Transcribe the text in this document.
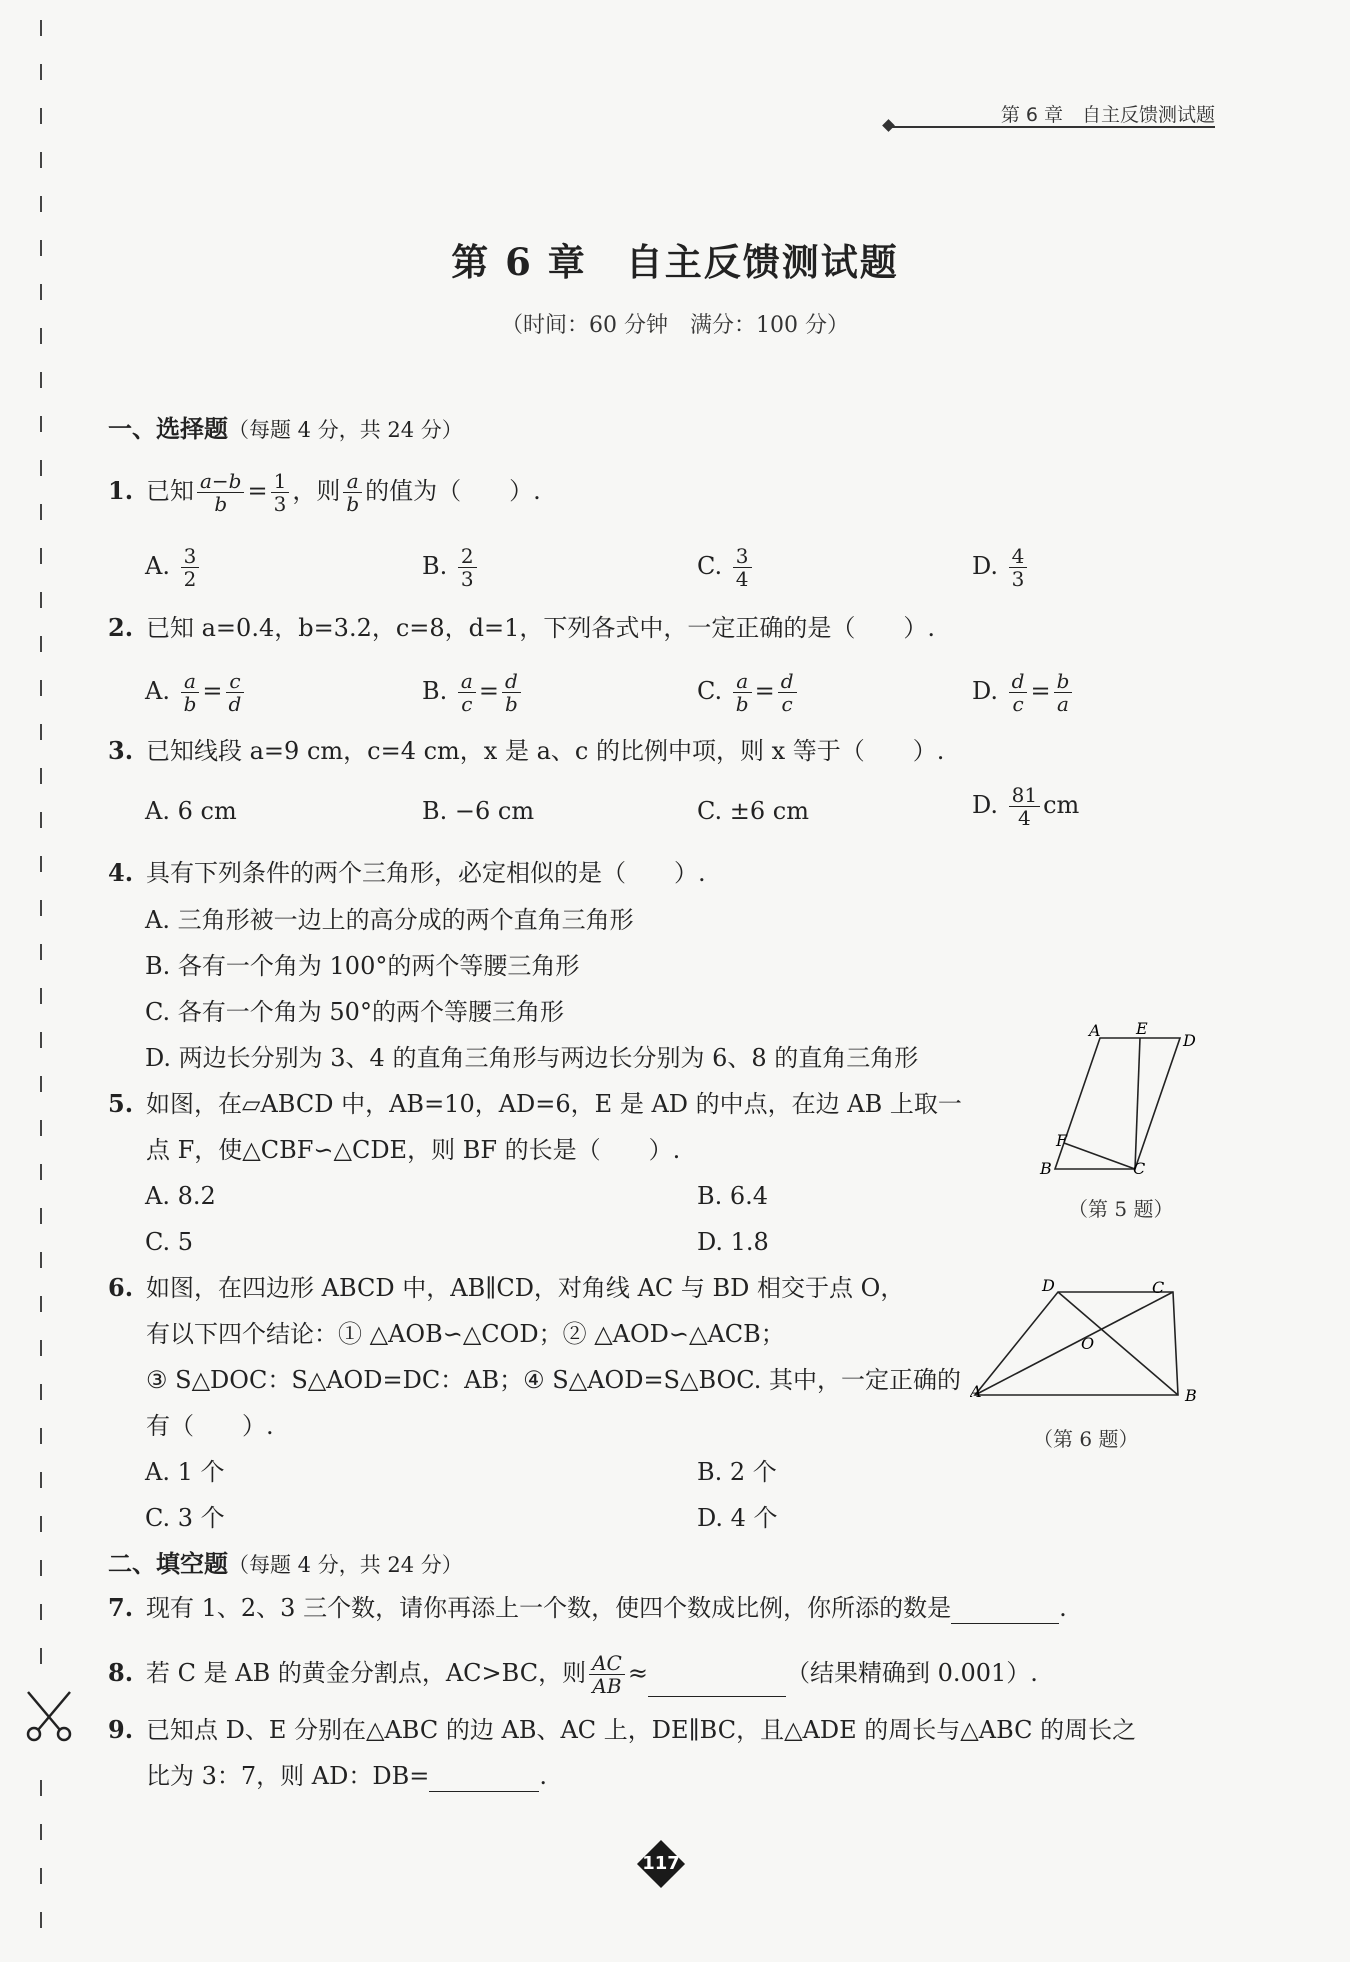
第 6 章　自主反馈测试题
第 6 章　自主反馈测试题
（时间：60 分钟　满分：100 分）
一、选择题（每题 4 分，共 24 分）
1. 已知 $\frac{a-b}{b} = \frac{1}{3}$ ，则 $\frac{a}{b}$ 的值为（　　）.
A. $\frac{3}{2}$	B. $\frac{2}{3}$	C. $\frac{3}{4}$	D. $\frac{4}{3}$
2. 已知 a=0.4，b=3.2，c=8，d=1，下列各式中，一定正确的是（　　）.
A. $\frac{a}{b} = \frac{c}{d}$	B. $\frac{a}{c} = \frac{d}{b}$	C. $\frac{a}{b} = \frac{d}{c}$	D. $\frac{d}{c} = \frac{b}{a}$
3. 已知线段 a=9 cm，c=4 cm，x 是 a、c 的比例中项，则 x 等于（　　）.
A. 6 cm	B. −6 cm	C. ±6 cm	D. $\frac{81}{4}$ cm
4. 具有下列条件的两个三角形，必定相似的是（　　）.
A. 三角形被一边上的高分成的两个直角三角形
B. 各有一个角为 100°的两个等腰三角形
C. 各有一个角为 50°的两个等腰三角形
D. 两边长分别为 3、4 的直角三角形与两边长分别为 6、8 的直角三角形
5. 如图，在▱ABCD 中，AB=10，AD=6，E 是 AD 的中点，在边 AB 上取一
点 F，使△CBF∽△CDE，则 BF 的长是（　　）.
A. 8.2	B. 6.4
C. 5	D. 1.8
A E
D
F
B	C
（第 5 题）
6. 如图，在四边形 ABCD 中，AB∥CD，对角线 AC 与 BD 相交于点 O，
有以下四个结论：① △AOB∽△COD；② △AOD∽△ACB；
③ S△DOC：S△AOD=DC：AB；④ S△AOD=S△BOC. 其中，一定正确的
有（　　）.
A. 1 个	B. 2 个
C. 3 个	D. 4 个
D	C
O
A	B
（第 6 题）
二、填空题（每题 4 分，共 24 分）
7. 现有 1、2、3 三个数，请你再添上一个数，使四个数成比例，你所添的数是	.
8. 若 C 是 AB 的黄金分割点，AC>BC，则 $\frac{AC}{AB}$ ≈	（结果精确到 0.001）.
9. 已知点 D、E 分别在△ABC 的边 AB、AC 上，DE∥BC，且△ADE 的周长与△ABC 的周长之
比为 3：7，则 AD：DB=	.
117
